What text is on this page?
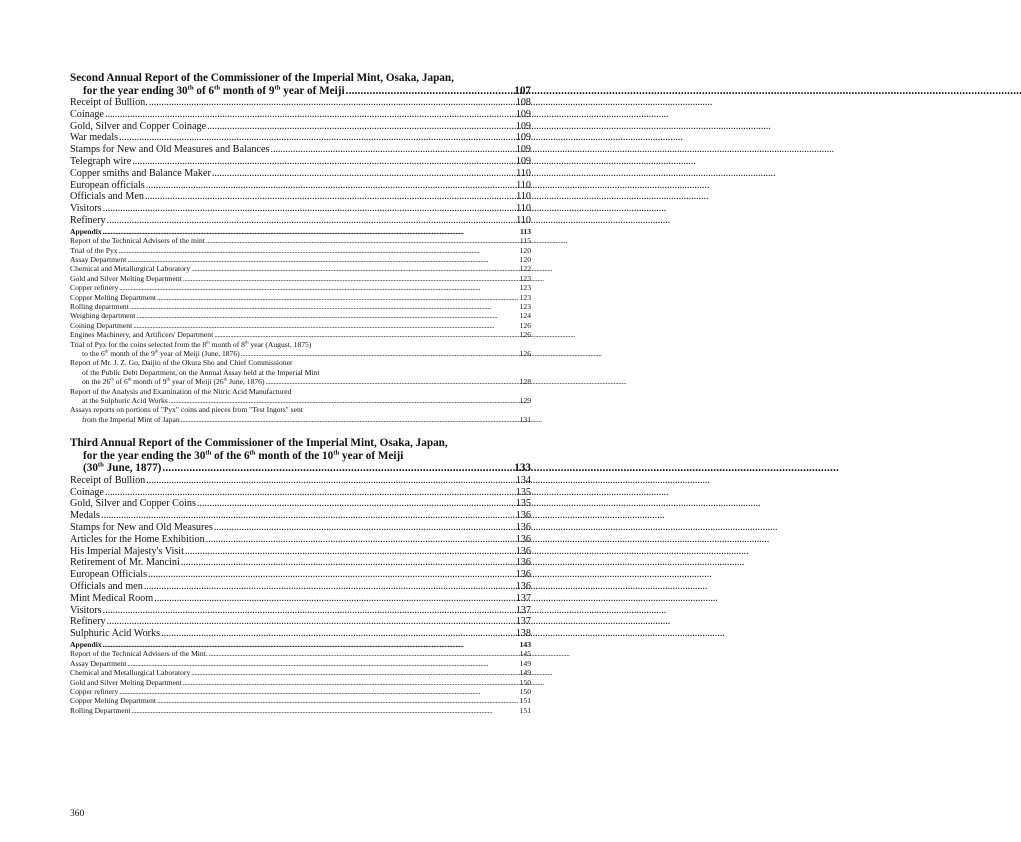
Second Annual Report of the Commissioner of the Imperial Mint, Osaka, Japan,
for the year ending 30th of 6th month of 9th year of Meiji . . .	107
Receipt of Bullion. . . .	108
Coinage . . .	109
Gold, Silver and Copper Coinage . . .	109
War medals . . .	109
Stamps for New and Old Measures and Balances . . .	109
Telegraph wire . . .	109
Copper smiths and Balance Maker . . .	110
European officials . . .	110
Officials and Men . . .	110
Visitors . . .	110
Refinery . . .	110
Appendix . . .	113
Report of the Technical Advisers of the mint . . .	115
Trial of the Pyx . . .	120
Assay Department . . .	120
Chemical and Metallurgical Laboratory . . .	122
Gold and Silver Melting Department . . .	123
Copper refinery . . .	123
Copper Melting Department . . .	123
Rolling department . . .	123
Weighing department . . .	124
Coining Department . . .	126
Engines Machinery, and Artificers' Department . . .	126
Trial of Pyx for the coins selected from the 8th month of 8th year (August, 1875)
to the 6th month of the 9th year of Meiji (June, 1876) . . .	126
Report of Mr. J. Z. Go, Daijio of the Okura Sho and Chief Commissioner
of the Public Debt Department, on the Annual Assay held at the Imperial Mint
on the 26th of 6th month of 9th year of Meiji (26th June, 1876) . . .	128
Report of the Analysis and Examination of the Nitric Acid Manufactured
at the Sulphuric Acid Works . . .	129
Assays reports on portions of "Pyx" coins and pieces from "Test Ingots" sent
from the Imperial Mint of Japan . . .	131
Third Annual Report of the Commissioner of the Imperial Mint, Osaka, Japan,
for the year ending the 30th of the 6th month of the 10th year of Meiji
(30th June, 1877) . . .	133
Receipt of Bullion . . .	134
Coinage . . .	135
Gold, Silver and Copper Coins . . .	135
Medals . . .	136
Stamps for New and Old Measures . . .	136
Articles for the Home Exhibition . . .	136
His Imperial Majesty's Visit . . .	136
Retirement of Mr. Mancini . . .	136
European Officials . . .	136
Officials and men . . .	136
Mint Medical Room . . .	137
Visitors . . .	137
Refinery . . .	137
Sulphuric Acid Works . . .	138
Appendix . . .	143
Report of the Technical Advisers of the Mint. . . .	145
Assay Department . . .	149
Chemical and Metallurgical Laboratory . . .	149
Gold and Silver Melting Department . . .	150
Copper refinery . . .	150
Copper Melting Department . . .	151
Rolling Department . . .	151
360
